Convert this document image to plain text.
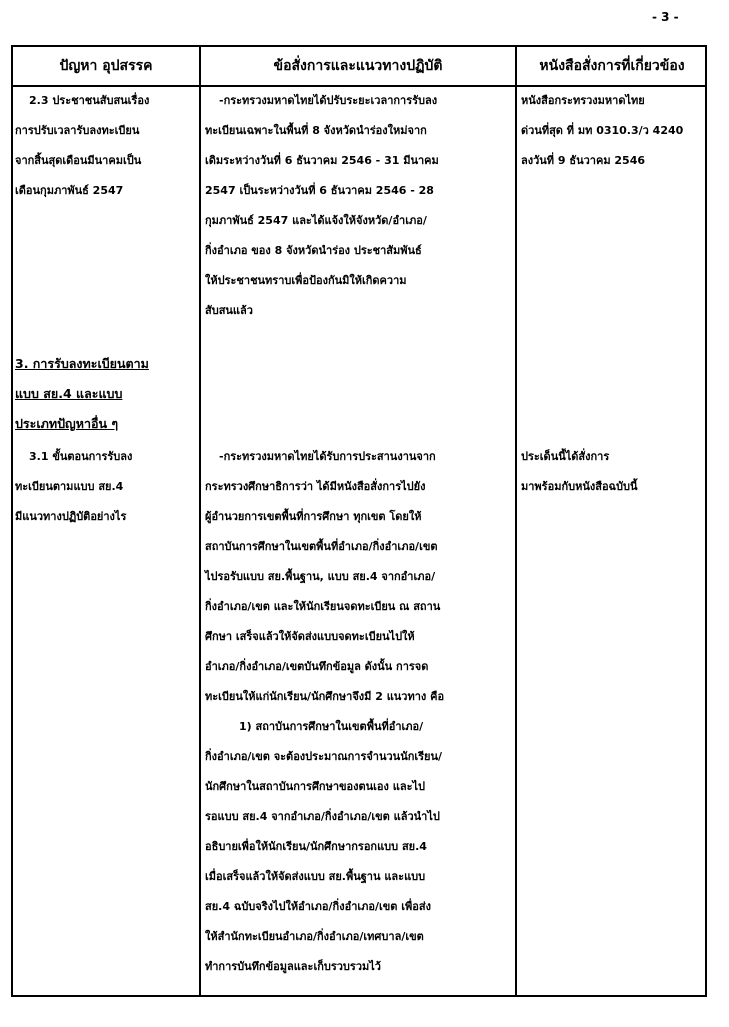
- 3 -
ปัญหา อุปสรรค	ข้อสั่งการและแนวทางปฏิบัติ	หนังสือสั่งการที่เกี่ยวข้อง
2.3 ประชาชนสับสนเรื่อง
การปรับเวลารับลงทะเบียน
จากสิ้นสุดเดือนมีนาคมเป็น
เดือนกุมภาพันธ์ 2547
3. การรับลงทะเบียนตาม
แบบ สย.4 และแบบ
ประเภทปัญหาอื่น ๆ
3.1 ขั้นตอนการรับลง
ทะเบียนตามแบบ สย.4
มีแนวทางปฏิบัติอย่างไร
-กระทรวงมหาดไทยได้ปรับระยะเวลาการรับลง
ทะเบียนเฉพาะในพื้นที่ 8 จังหวัดนำร่องใหม่จาก
เดิมระหว่างวันที่ 6 ธันวาคม 2546 - 31 มีนาคม
2547 เป็นระหว่างวันที่ 6 ธันวาคม 2546 - 28
กุมภาพันธ์ 2547 และได้แจ้งให้จังหวัด/อำเภอ/
กิ่งอำเภอ ของ 8 จังหวัดนำร่อง ประชาสัมพันธ์
ให้ประชาชนทราบเพื่อป้องกันมิให้เกิดความ
สับสนแล้ว
-กระทรวงมหาดไทยได้รับการประสานงานจาก
กระทรวงศึกษาธิการว่า ได้มีหนังสือสั่งการไปยัง
ผู้อำนวยการเขตพื้นที่การศึกษา ทุกเขต โดยให้
สถาบันการศึกษาในเขตพื้นที่อำเภอ/กิ่งอำเภอ/เขต
ไปรอรับแบบ สย.พื้นฐาน, แบบ สย.4 จากอำเภอ/
กิ่งอำเภอ/เขต และให้นักเรียนจดทะเบียน ณ สถาน
ศึกษา เสร็จแล้วให้จัดส่งแบบจดทะเบียนไปให้
อำเภอ/กิ่งอำเภอ/เขตบันทึกข้อมูล ดังนั้น การจด
ทะเบียนให้แก่นักเรียน/นักศึกษาจึงมี 2 แนวทาง คือ
1) สถาบันการศึกษาในเขตพื้นที่อำเภอ/
กิ่งอำเภอ/เขต จะต้องประมาณการจำนวนนักเรียน/
นักศึกษาในสถาบันการศึกษาของตนเอง และไป
รอแบบ สย.4 จากอำเภอ/กิ่งอำเภอ/เขต แล้วนำไป
อธิบายเพื่อให้นักเรียน/นักศึกษากรอกแบบ สย.4
เมื่อเสร็จแล้วให้จัดส่งแบบ สย.พื้นฐาน และแบบ
สย.4 ฉบับจริงไปให้อำเภอ/กิ่งอำเภอ/เขต เพื่อส่ง
ให้สำนักทะเบียนอำเภอ/กิ่งอำเภอ/เทศบาล/เขต
ทำการบันทึกข้อมูลและเก็บรวบรวมไว้
หนังสือกระทรวงมหาดไทย
ด่วนที่สุด ที่ มท 0310.3/ว 4240
ลงวันที่ 9 ธันวาคม 2546
ประเด็นนี้ได้สั่งการ
มาพร้อมกับหนังสือฉบับนี้
